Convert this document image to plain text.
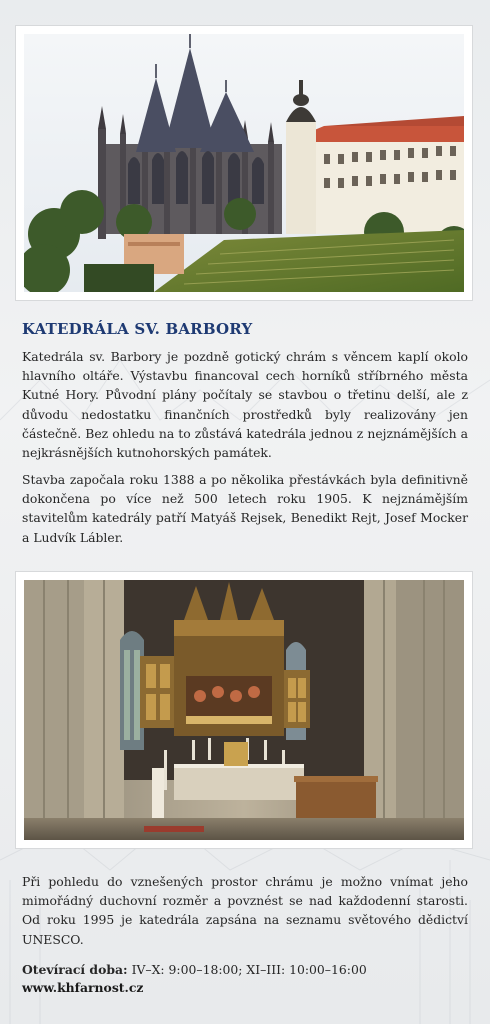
KATEDRÁLA SV. BARBORY

Katedrála sv. Barbory je pozdně gotický chrám s věncem kaplí okolo hlavního oltáře. Výstavbu financoval cech horníků stříbrného města Kutné Hory. Původní plány počítaly se stavbou o třetinu delší, ale z důvodu nedostatku finančních prostředků byly realizovány jen částečně. Bez ohledu na to zůstává katedrála jednou z nejznámějších a nejkrásnějších kutnohorských památek.

Stavba započala roku 1388 a po několika přestávkách byla definitivně dokončena po více než 500 letech roku 1905. K nejznámějším stavitelům katedrály patří Matyáš Rejsek, Benedikt Rejt, Josef Mocker a Ludvík Lábler.

Při pohledu do vznešených prostor chrámu je možno vnímat jeho mimořádný duchovní rozměr a povznést se nad každodenní starosti. Od roku 1995 je katedrála zapsána na seznamu světového dědictví UNESCO.

Otevírací doba: IV–X: 9:00–18:00; XI–III: 10:00–16:00

www.khfarnost.cz
